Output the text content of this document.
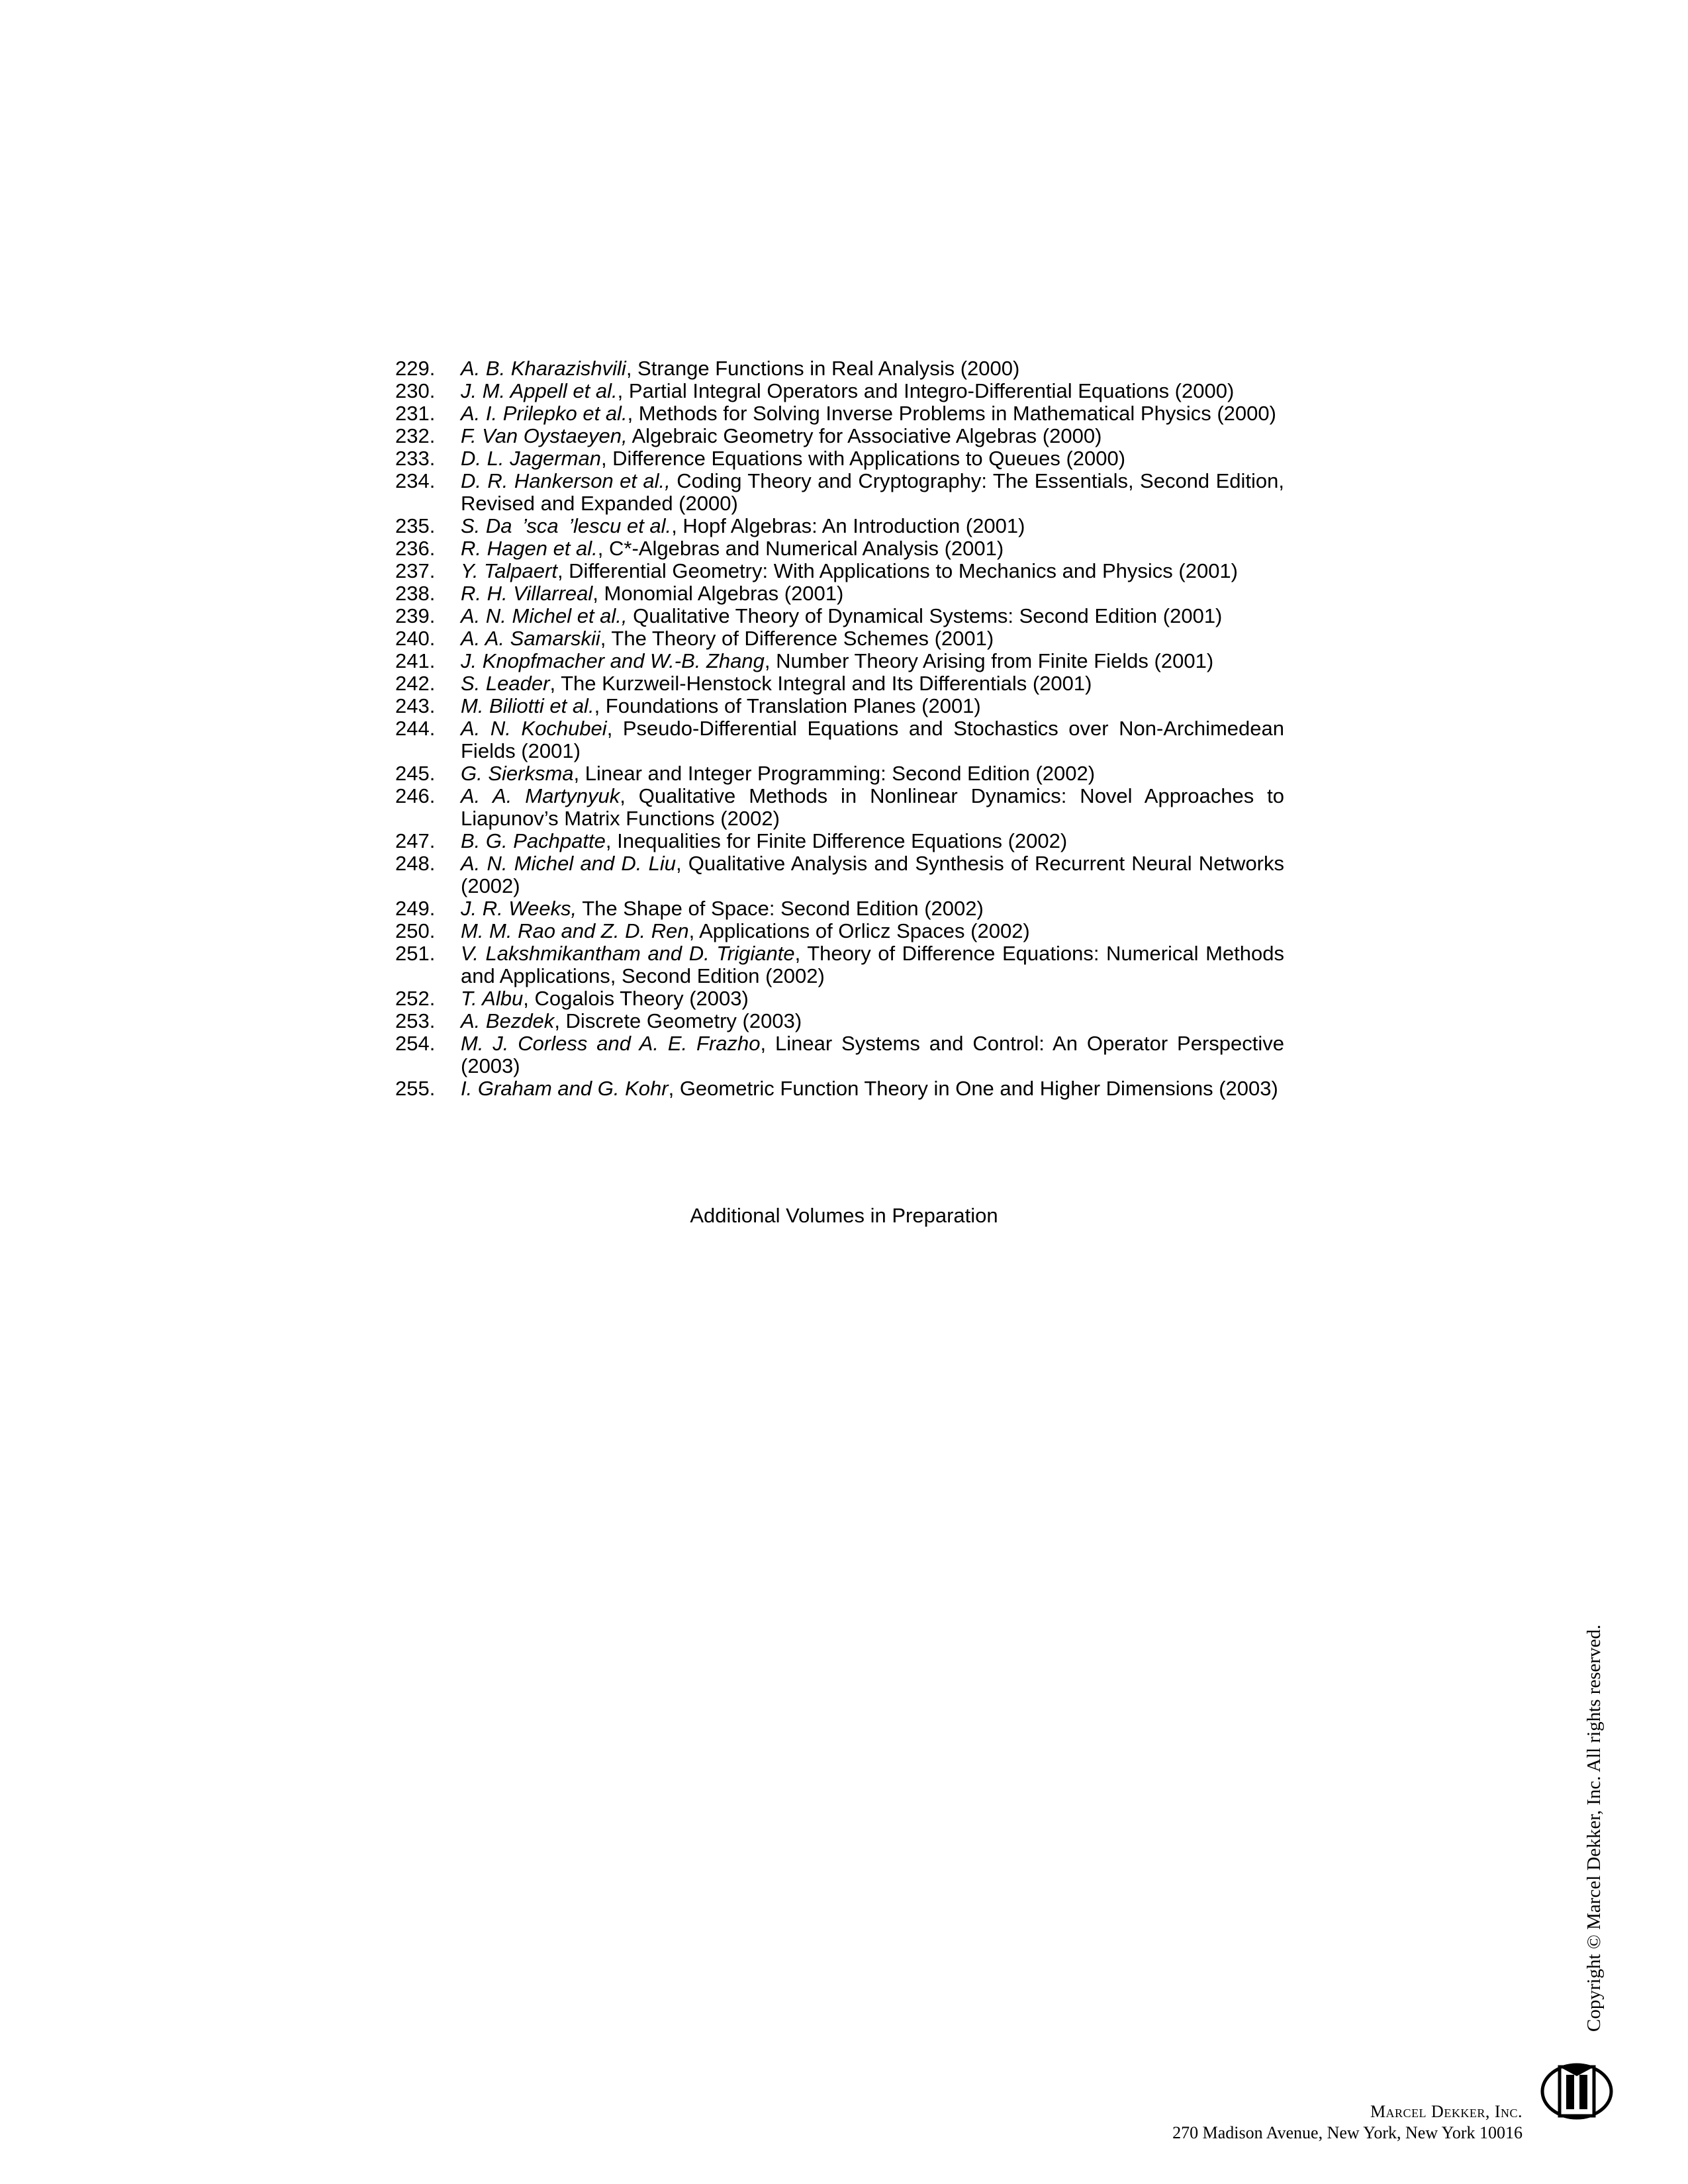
229.	A. B. Kharazishvili, Strange Functions in Real Analysis (2000)
230.	J. M. Appell et al., Partial Integral Operators and Integro-Differential Equations (2000)
231.	A. I. Prilepko et al., Methods for Solving Inverse Problems in Mathematical Physics (2000)
232.	F. Van Oystaeyen, Algebraic Geometry for Associative Algebras (2000)
233.	D. L. Jagerman, Difference Equations with Applications to Queues (2000)
234.	D. R. Hankerson et al., Coding Theory and Cryptography: The Essentials, Second Edition, Revised and Expanded (2000)
235.	S. Da ’sca ’lescu et al., Hopf Algebras: An Introduction (2001)
236.	R. Hagen et al., C*-Algebras and Numerical Analysis (2001)
237.	Y. Talpaert, Differential Geometry: With Applications to Mechanics and Physics (2001)
238.	R. H. Villarreal, Monomial Algebras (2001)
239.	A. N. Michel et al., Qualitative Theory of Dynamical Systems: Second Edition (2001)
240.	A. A. Samarskii, The Theory of Difference Schemes (2001)
241.	J. Knopfmacher and W.-B. Zhang, Number Theory Arising from Finite Fields (2001)
242.	S. Leader, The Kurzweil-Henstock Integral and Its Differentials (2001)
243.	M. Biliotti et al., Foundations of Translation Planes (2001)
244.	A. N. Kochubei, Pseudo-Differential Equations and Stochastics over Non-Archimedean Fields (2001)
245.	G. Sierksma, Linear and Integer Programming: Second Edition (2002)
246.	A. A. Martynyuk, Qualitative Methods in Nonlinear Dynamics: Novel Approaches to Liapunov’s Matrix Functions (2002)
247.	B. G. Pachpatte, Inequalities for Finite Difference Equations (2002)
248.	A. N. Michel and D. Liu, Qualitative Analysis and Synthesis of Recurrent Neural Networks (2002)
249.	J. R. Weeks, The Shape of Space: Second Edition (2002)
250.	M. M. Rao and Z. D. Ren, Applications of Orlicz Spaces (2002)
251.	V. Lakshmikantham and D. Trigiante, Theory of Difference Equations: Numerical Methods and Applications, Second Edition (2002)
252.	T. Albu, Cogalois Theory (2003)
253.	A. Bezdek, Discrete Geometry (2003)
254.	M. J. Corless and A. E. Frazho, Linear Systems and Control: An Operator Perspective (2003)
255.	I. Graham and G. Kohr, Geometric Function Theory in One and Higher Dimensions (2003)
Additional Volumes in Preparation
Copyright © Marcel Dekker, Inc. All rights reserved.
Marcel Dekker, Inc.
270 Madison Avenue, New York, New York 10016
